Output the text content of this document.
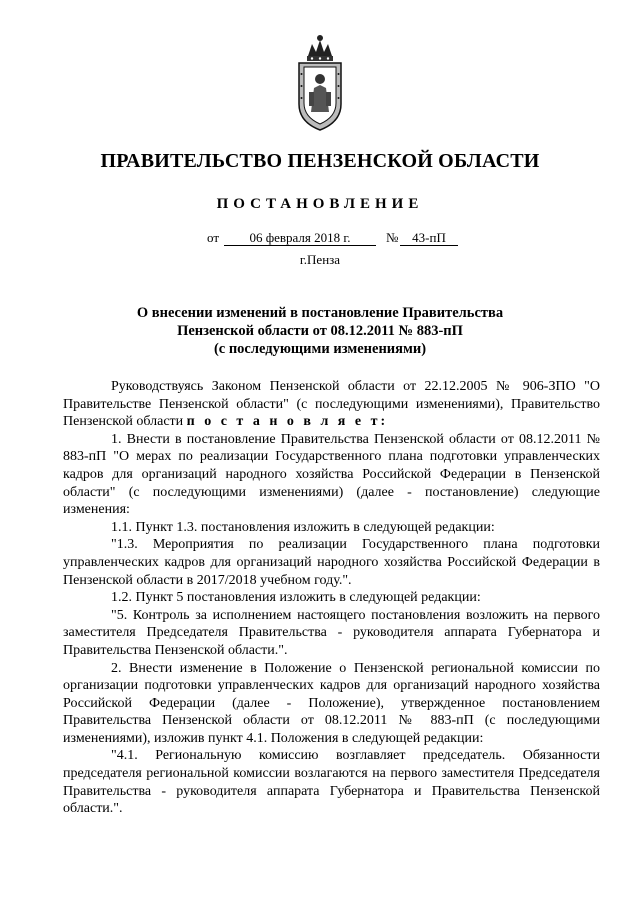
ПРАВИТЕЛЬСТВО ПЕНЗЕНСКОЙ ОБЛАСТИ
ПОСТАНОВЛЕНИЕ
от	06 февраля 2018 г.	№	43-пП
г.Пенза
О внесении изменений в постановление Правительства
Пензенской области от 08.12.2011 № 883-пП
(с последующими изменениями)

Руководствуясь Законом Пензенской области от 22.12.2005 № 906-ЗПО "О Правительстве Пензенской области" (с последующими изменениями), Правительство Пензенской области п о с т а н о в л я е т:

1. Внести в постановление Правительства Пензенской области от 08.12.2011 № 883-пП "О мерах по реализации Государственного плана подготовки управленческих кадров для организаций народного хозяйства Российской Федерации в Пензенской области" (с последующими изменениями) (далее - постановление) следующие изменения:

1.1. Пункт 1.3. постановления изложить в следующей редакции:

"1.3. Мероприятия по реализации Государственного плана подготовки управленческих кадров для организаций народного хозяйства Российской Федерации в Пензенской области в 2017/2018 учебном году.".

1.2. Пункт 5 постановления изложить в следующей редакции:

"5. Контроль за исполнением настоящего постановления возложить на первого заместителя Председателя Правительства - руководителя аппарата Губернатора и Правительства Пензенской области.".

2. Внести изменение в Положение о Пензенской региональной комиссии по организации подготовки управленческих кадров для организаций народного хозяйства Российской Федерации (далее - Положение), утвержденное постановлением Правительства Пензенской области от 08.12.2011 № 883-пП (с последующими изменениями), изложив пункт 4.1. Положения в следующей редакции:

"4.1. Региональную комиссию возглавляет председатель. Обязанности председателя региональной комиссии возлагаются на первого заместителя Председателя Правительства - руководителя аппарата Губернатора и Правительства Пензенской области.".
